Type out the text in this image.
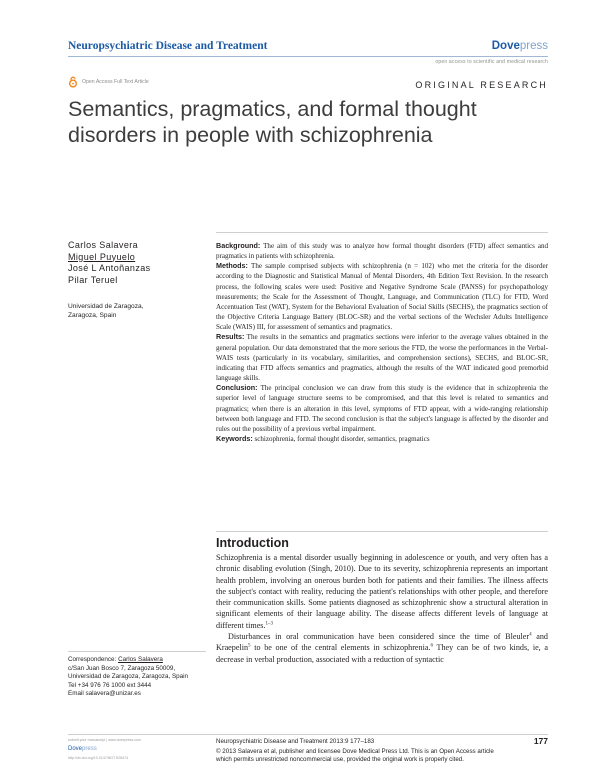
Neuropsychiatric Disease and Treatment	Dovepress
open access to scientific and medical research
Open Access Full Text Article	ORIGINAL RESEARCH
Semantics, pragmatics, and formal thought disorders in people with schizophrenia
Carlos Salavera
Miguel Puyuelo
José L Antoñanzas
Pilar Teruel
Universidad de Zaragoza,
Zaragoza, Spain

Background: The aim of this study was to analyze how formal thought disorders (FTD) affect semantics and pragmatics in patients with schizophrenia.

Methods: The sample comprised subjects with schizophrenia (n = 102) who met the criteria for the disorder according to the Diagnostic and Statistical Manual of Mental Disorders, 4th Edition Text Revision. In the research process, the following scales were used: Positive and Negative Syndrome Scale (PANSS) for psychopathology measurements; the Scale for the Assessment of Thought, Language, and Communication (TLC) for FTD, Word Accentuation Test (WAT), System for the Behavioral Evaluation of Social Skills (SECHS), the pragmatics section of the Objective Criteria Language Battery (BLOC-SR) and the verbal sections of the Wechsler Adults Intelligence Scale (WAIS) III, for assessment of semantics and pragmatics.

Results: The results in the semantics and pragmatics sections were inferior to the average values obtained in the general population. Our data demonstrated that the more serious the FTD, the worse the performances in the Verbal-WAIS tests (particularly in its vocabulary, similarities, and comprehension sections), SECHS, and BLOC-SR, indicating that FTD affects semantics and pragmatics, although the results of the WAT indicated good premorbid language skills.

Conclusion: The principal conclusion we can draw from this study is the evidence that in schizophrenia the superior level of language structure seems to be compromised, and that this level is related to semantics and pragmatics; when there is an alteration in this level, symptoms of FTD appear, with a wide-ranging relationship between both language and FTD. The second conclusion is that the subject's language is affected by the disorder and rules out the possibility of a previous verbal impairment.

Keywords: schizophrenia, formal thought disorder, semantics, pragmatics

Introduction

Schizophrenia is a mental disorder usually beginning in adolescence or youth, and very often has a chronic disabling evolution (Singh, 2010). Due to its severity, schizophrenia represents an important health problem, involving an onerous burden both for patients and their families. The illness affects the subject's contact with reality, reducing the patient's relationships with other people, and therefore their communication skills. Some patients diagnosed as schizophrenic show a structural alteration in significant elements of their language ability. The disease affects different levels of language at different times.$^{1-3}$

Disturbances in oral communication have been considered since the time of Bleuler$^4$ and Kraepelin$^5$ to be one of the central elements in schizophrenia.$^6$ They can be of two kinds, ie, a decrease in verbal production, associated with a reduction of syntactic

Correspondence: Carlos Salavera
c/San Juan Bosco 7, Zaragoza 50009,
Universidad de Zaragoza, Zaragoza, Spain
Tel +34 976 76 1000 ext 3444
Email salavera@unizar.es
submit your manuscript | www.dovepress.com
Dovepress
http://dx.doi.org/10.2147/NDT.S28474
Neuropsychiatric Disease and Treatment 2013:9 177–183	177
© 2013 Salavera et al, publisher and licensee Dove Medical Press Ltd. This is an Open Access article
which permits unrestricted noncommercial use, provided the original work is properly cited.
